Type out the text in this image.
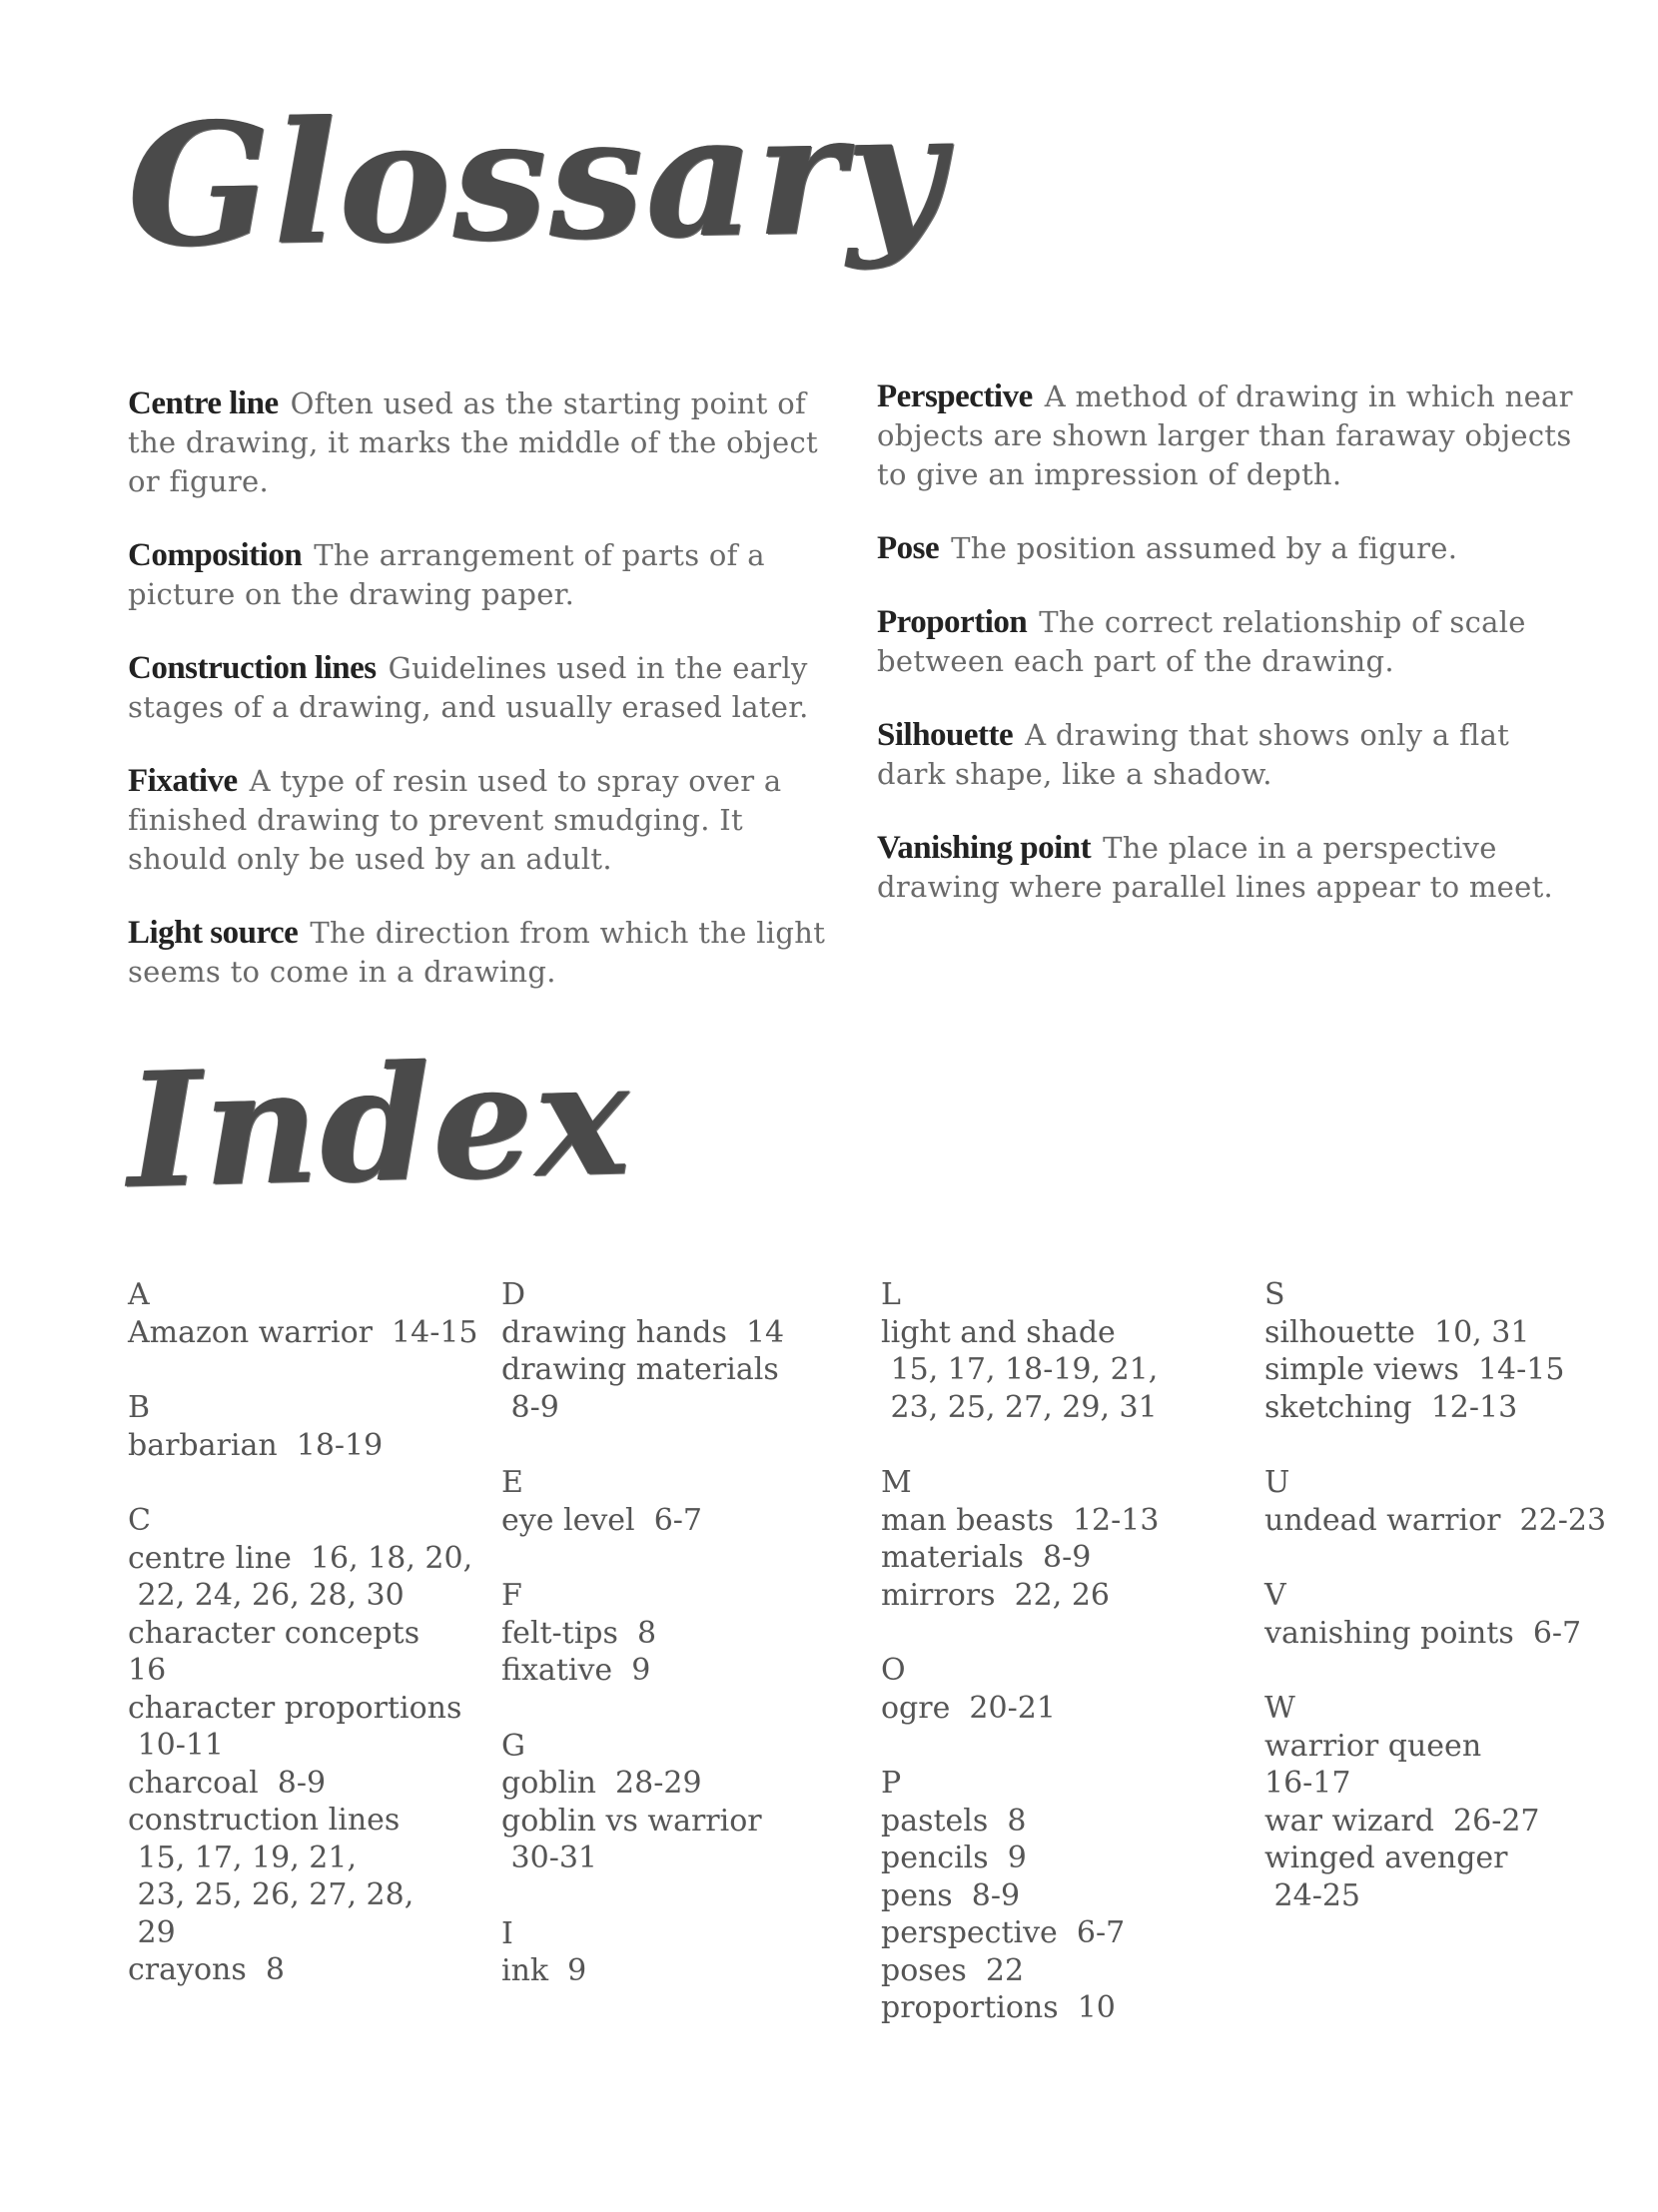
Glossary
Centre line Often used as the starting point of the drawing, it marks the middle of the object or figure.
Composition The arrangement of parts of a picture on the drawing paper.
Construction lines Guidelines used in the early stages of a drawing, and usually erased later.
Fixative A type of resin used to spray over a finished drawing to prevent smudging. It should only be used by an adult.
Light source The direction from which the light seems to come in a drawing.
Perspective A method of drawing in which near objects are shown larger than faraway objects to give an impression of depth.
Pose The position assumed by a figure.
Proportion The correct relationship of scale between each part of the drawing.
Silhouette A drawing that shows only a flat dark shape, like a shadow.
Vanishing point The place in a perspective drawing where parallel lines appear to meet.
Index
A
Amazon warrior  14-15
B
barbarian  18-19
C
centre line  16, 18, 20,
22, 24, 26, 28, 30
character concepts
16
character proportions
10-11
charcoal  8-9
construction lines
15, 17, 19, 21,
23, 25, 26, 27, 28,
29
crayons  8
D
drawing hands  14
drawing materials
8-9
E
eye level  6-7
F
felt-tips  8
fixative  9
G
goblin  28-29
goblin vs warrior
30-31
I
ink  9
L
light and shade
15, 17, 18-19, 21,
23, 25, 27, 29, 31
M
man beasts  12-13
materials  8-9
mirrors  22, 26
O
ogre  20-21
P
pastels  8
pencils  9
pens  8-9
perspective  6-7
poses  22
proportions  10
S
silhouette  10, 31
simple views  14-15
sketching  12-13
U
undead warrior  22-23
V
vanishing points  6-7
W
warrior queen
16-17
war wizard  26-27
winged avenger
24-25
